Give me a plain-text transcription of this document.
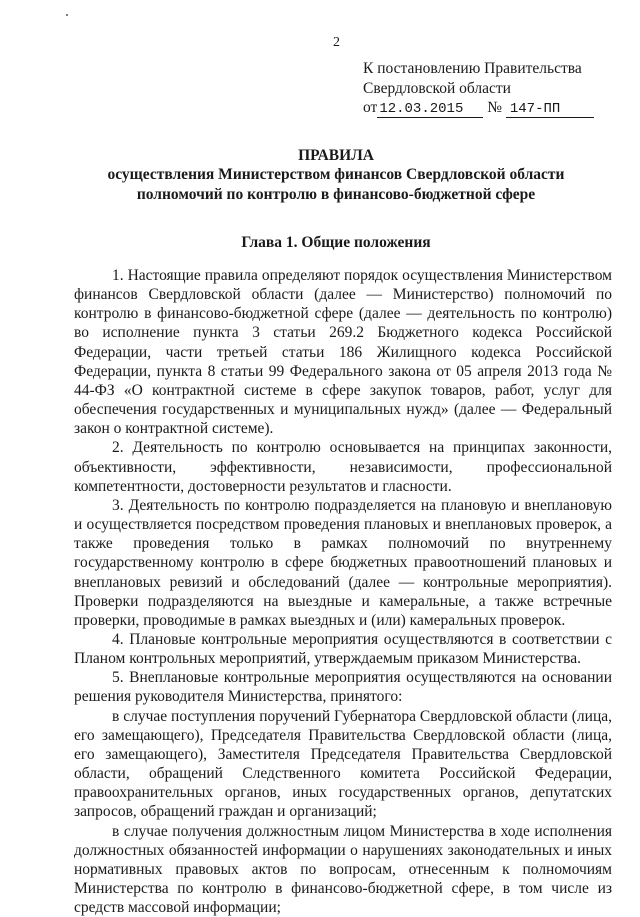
2
К постановлению Правительства
Свердловской области
от 12.03.2015 № 147-ПП
ПРАВИЛА
осуществления Министерством финансов Свердловской области
полномочий по контролю в финансово-бюджетной сфере
Глава 1. Общие положения

1. Настоящие правила определяют порядок осуществления Министерством финансов Свердловской области (далее — Министерство) полномочий по контролю в финансово-бюджетной сфере (далее — деятельность по контролю) во исполнение пункта 3 статьи 269.2 Бюджетного кодекса Российской Федерации, части третьей статьи 186 Жилищного кодекса Российской Федерации, пункта 8 статьи 99 Федерального закона от 05 апреля 2013 года № 44-ФЗ «О контрактной системе в сфере закупок товаров, работ, услуг для обеспечения государственных и муниципальных нужд» (далее — Федеральный закон о контрактной системе).

2. Деятельность по контролю основывается на принципах законности, объективности, эффективности, независимости, профессиональной компетентности, достоверности результатов и гласности.

3. Деятельность по контролю подразделяется на плановую и внеплановую и осуществляется посредством проведения плановых и внеплановых проверок, а также проведения только в рамках полномочий по внутреннему государственному контролю в сфере бюджетных правоотношений плановых и внеплановых ревизий и обследований (далее — контрольные мероприятия). Проверки подразделяются на выездные и камеральные, а также встречные проверки, проводимые в рамках выездных и (или) камеральных проверок.

4. Плановые контрольные мероприятия осуществляются в соответствии с Планом контрольных мероприятий, утверждаемым приказом Министерства.

5. Внеплановые контрольные мероприятия осуществляются на основании решения руководителя Министерства, принятого:

в случае поступления поручений Губернатора Свердловской области (лица, его замещающего), Председателя Правительства Свердловской области (лица, его замещающего), Заместителя Председателя Правительства Свердловской области, обращений Следственного комитета Российской Федерации, правоохранительных органов, иных государственных органов, депутатских запросов, обращений граждан и организаций;

в случае получения должностным лицом Министерства в ходе исполнения должностных обязанностей информации о нарушениях законодательных и иных нормативных правовых актов по вопросам, отнесенным к полномочиям Министерства по контролю в финансово-бюджетной сфере, в том числе из средств массовой информации;
